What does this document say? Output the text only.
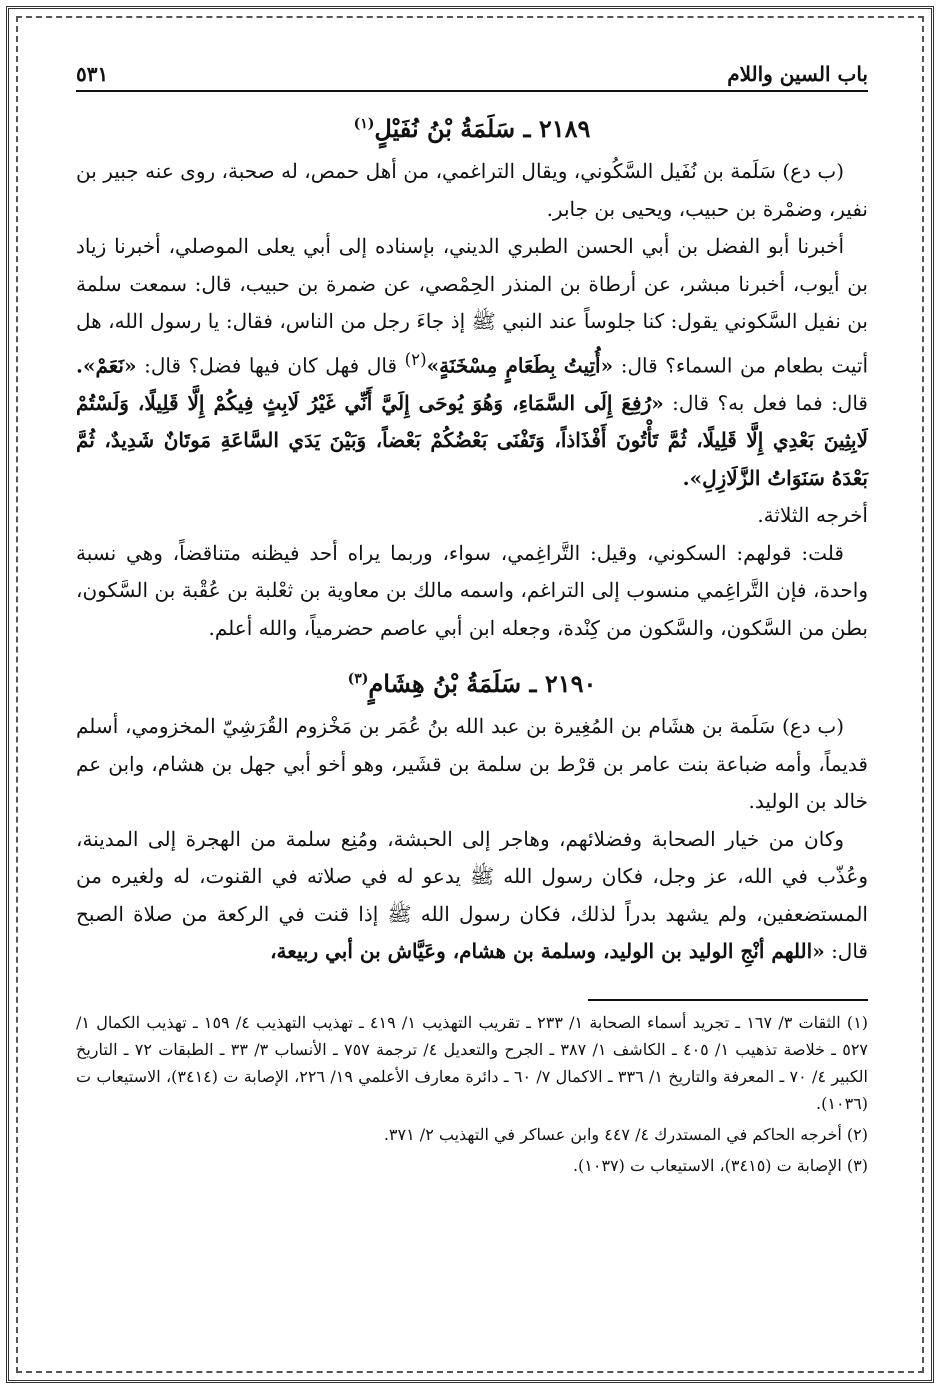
باب السين واللام
٥٣١
٢١٨٩ ـ سَلَمَةُ بْنُ نُفَيْلٍ$^{(١)}$

(ب دع) سَلَمة بن نُفَيل السَّكُوني، ويقال التراغمي، من أهل حمص، له صحبة، روى عنه جبير بن نفير، وضمْرة بن حبيب، ويحيى بن جابر.

أخبرنا أبو الفضل بن أبي الحسن الطبري الديني، بإسناده إلى أبي يعلى الموصلي، أخبرنا زياد بن أيوب، أخبرنا مبشر، عن أرطاة بن المنذر الحِمْصي، عن ضمرة بن حبيب، قال: سمعت سلمة بن نفيل السَّكوني يقول: كنا جلوساً عند النبي ﷺ إذ جاءَ رجل من الناس، فقال: يا رسول الله، هل أتيت بطعام من السماء؟ قال: «أُتِيتُ بِطَعَامٍ مِسْخَنَةٍ»$^{(٢)}$ قال فهل كان فيها فضل؟ قال: «نَعَمْ». قال: فما فعل به؟ قال: «رُفِعَ إِلَى السَّمَاءِ، وَهُوَ يُوحَى إِلَيَّ أَنِّي غَيْرُ لَابِثٍ فِيكُمْ إِلَّا قَلِيلًا، وَلَسْتُمْ لَابِثِينَ بَعْدِي إِلَّا قَلِيلًا، ثُمَّ تَأْتُونَ أَفْذَاذاً، وَتَفْنَى بَعْضُكُمْ بَعْضاً، وَبَيْنَ يَدَي السَّاعَةِ مَوتَانٌ شَدِيدٌ، ثُمَّ بَعْدَهُ سَنَوَاتُ الزَّلَازِلِ».

أخرجه الثلاثة.

قلت: قولهم: السكوني، وقيل: التَّراغِمي، سواء، وربما يراه أحد فيظنه متناقضاً، وهي نسبة واحدة، فإن التَّراغِمي منسوب إلى التراغم، واسمه مالك بن معاوية بن ثعْلبة بن عُقْبة بن السَّكون، بطن من السَّكون، والسَّكون من كِنْدة، وجعله ابن أبي عاصم حضرمياً، والله أعلم.

٢١٩٠ ـ سَلَمَةُ بْنُ هِشَامٍ$^{(٣)}$

(ب دع) سَلَمة بن هشَام بن المُغِيرة بن عبد الله بنُ عُمَر بن مَخْزوم القُرَشِيّ المخزومي، أسلم قديماً، وأمه ضباعة بنت عامر بن قرْط بن سلمة بن قشَير، وهو أخو أبي جهل بن هشام، وابن عم خالد بن الوليد.

وكان من خيار الصحابة وفضلائهم، وهاجر إلى الحبشة، ومُنِع سلمة من الهجرة إلى المدينة، وعُذّب في الله، عز وجل، فكان رسول الله ﷺ يدعو له في صلاته في القنوت، له ولغيره من المستضعفين، ولم يشهد بدراً لذلك، فكان رسول الله ﷺ إذا قنت في الركعة من صلاة الصبح قال: «اللهم أنْجِ الوليد بن الوليد، وسلمة بن هشام، وعَيَّاش بن أبي ربيعة،

(١) الثقات ٣/ ١٦٧ ـ تجريد أسماء الصحابة ١/ ٢٣٣ ـ تقريب التهذيب ١/ ٤١٩ ـ تهذيب التهذيب ٤/ ١٥٩ ـ تهذيب الكمال ١/ ٥٢٧ ـ خلاصة تذهيب ١/ ٤٠٥ ـ الكاشف ١/ ٣٨٧ ـ الجرح والتعديل ٤/ ترجمة ٧٥٧ ـ الأنساب ٣/ ٣٣ ـ الطبقات ٧٢ ـ التاريخ الكبير ٤/ ٧٠ ـ المعرفة والتاريخ ١/ ٣٣٦ ـ الاكمال ٧/ ٦٠ ـ دائرة معارف الأعلمي ١٩/ ٢٢٦، الإصابة ت (٣٤١٤)، الاستيعاب ت (١٠٣٦).

(٢) أخرجه الحاكم في المستدرك ٤/ ٤٤٧ وابن عساكر في التهذيب ٢/ ٣٧١.

(٣) الإصابة ت (٣٤١٥)، الاستيعاب ت (١٠٣٧).
